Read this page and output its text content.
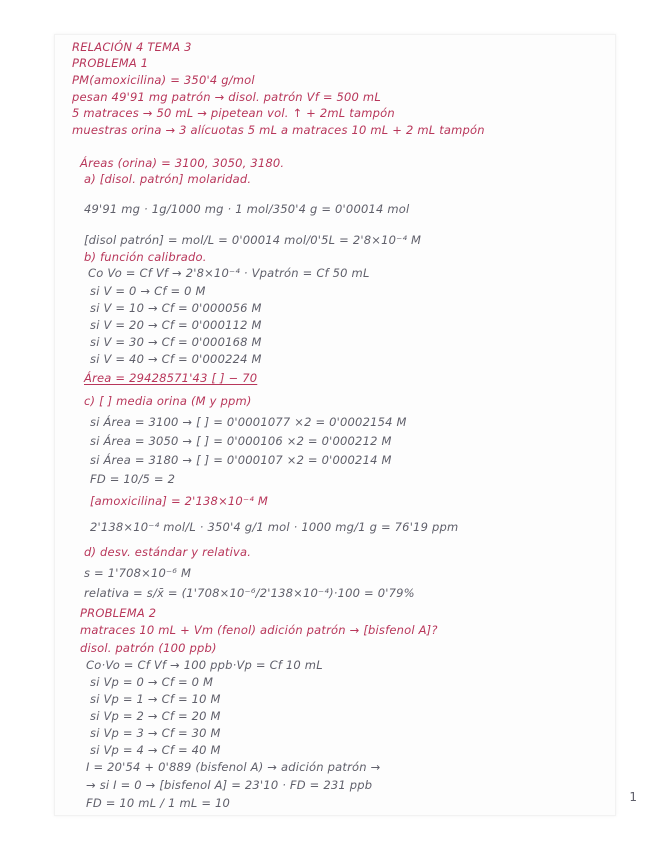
RELACIÓN 4 TEMA 3

PROBLEMA 1

PM(amoxicilina) = 350'4 g/mol

pesan 49'91 mg patrón → disol. patrón Vf = 500 mL

5 matraces → 50 mL → pipetean vol. ↑ + 2mL tampón

muestras orina → 3 alícuotas 5 mL a matraces 10 mL + 2 mL tampón

Áreas (orina) = 3100, 3050, 3180.

a) [disol. patrón] molaridad.

49'91 mg · 1g/1000 mg · 1 mol/350'4 g = 0'00014 mol

[disol patrón] = mol/L = 0'00014 mol/0'5L = 2'8×10⁻⁴ M

b) función calibrado.

Co Vo = Cf Vf → 2'8×10⁻⁴ · Vpatrón = Cf 50 mL

si V = 0 → Cf = 0 M

si V = 10 → Cf = 0'000056 M

si V = 20 → Cf = 0'000112 M

si V = 30 → Cf = 0'000168 M

si V = 40 → Cf = 0'000224 M

Área = 29428571'43 [ ] − 70

c) [ ] media orina (M y ppm)

si Área = 3100 → [ ] = 0'0001077 ×2 = 0'0002154 M

si Área = 3050 → [ ] = 0'000106 ×2 = 0'000212 M

si Área = 3180 → [ ] = 0'000107 ×2 = 0'000214 M

FD = 10/5 = 2

[amoxicilina] = 2'138×10⁻⁴ M

2'138×10⁻⁴ mol/L · 350'4 g/1 mol · 1000 mg/1 g = 76'19 ppm

d) desv. estándar y relativa.

s = 1'708×10⁻⁶ M

relativa = s/x̄ = (1'708×10⁻⁶/2'138×10⁻⁴)·100 = 0'79%

PROBLEMA 2

matraces 10 mL + Vm (fenol) adición patrón → [bisfenol A]?

disol. patrón (100 ppb)

Co·Vo = Cf Vf → 100 ppb·Vp = Cf 10 mL

si Vp = 0 → Cf = 0 M

si Vp = 1 → Cf = 10 M

si Vp = 2 → Cf = 20 M

si Vp = 3 → Cf = 30 M

si Vp = 4 → Cf = 40 M

I = 20'54 + 0'889 (bisfenol A) → adición patrón →

→ si I = 0 → [bisfenol A] = 23'10 · FD = 231 ppb

FD = 10 mL / 1 mL = 10	1
